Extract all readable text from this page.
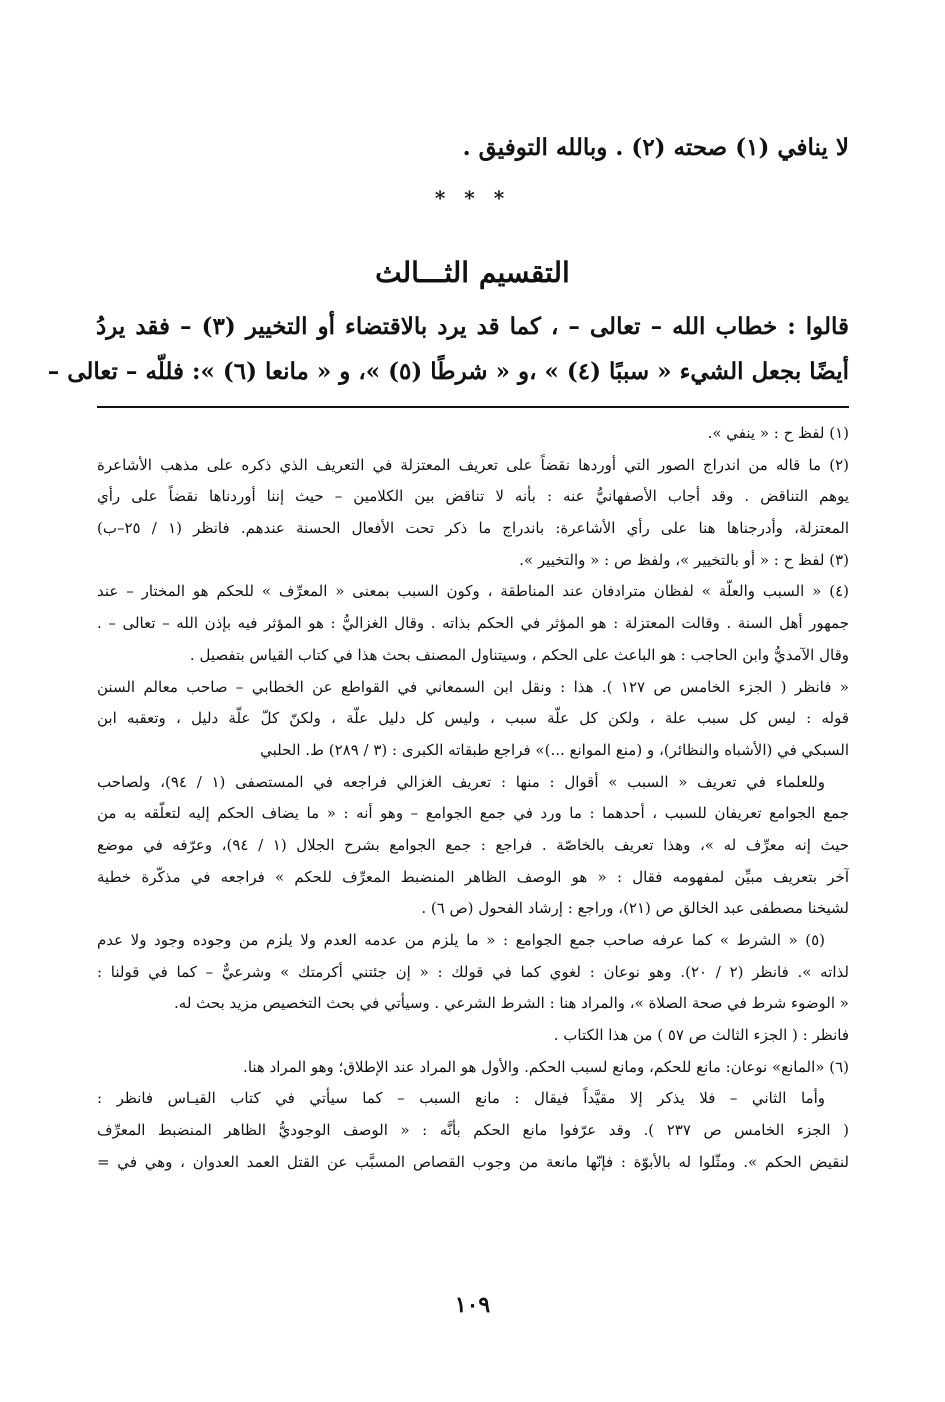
لا ينافي (١) صحته (٢) . وبالله التوفيق .
* * *
التقسيم الثـــالث
قالوا : خطاب الله – تعالى – ، كما قد يرد بالاقتضاء أو التخيير (٣) – فقد يردُ
أيضًا بجعل الشيء « سببًا (٤) » ،و « شرطًا (٥) »، و « مانعا (٦) »: فللّه – تعالى –
(١) لفظ ح : « ينفي ».
(٢) ما قاله من اندراج الصور التي أوردها نقضاً على تعريف المعتزلة في التعريف الذي ذكره على مذهب الأشاعرة
يوهم التناقض . وقد أجاب الأصفهانيُّ عنه : بأنه لا تناقض بين الكلامين – حيث إننا أوردناها نقضاً على رأي
المعتزلة، وأدرجناها هنا على رأي الأشاعرة: باندراج ما ذكر تحت الأفعال الحسنة عندهم. فانظر (١ / ٢٥–ب)
(٣) لفظ ح : « أو بالتخيير »، ولفظ ص : « والتخيير ».
(٤) « السبب والعلّة » لفظان مترادفان عند المناطقة ، وكون السبب بمعنى « المعرِّف » للحكم هو المختار – عند
جمهور أهل السنة . وقالت المعتزلة : هو المؤثر في الحكم بذاته . وقال الغزاليُّ : هو المؤثر فيه بإذن الله – تعالى – .
وقال الآمديُّ وابن الحاجب : هو الباعث على الحكم ، وسيتناول المصنف بحث هذا في كتاب القياس بتفصيل .
« فانظر ( الجزء الخامس ص ١٢٧ ). هذا : ونقل ابن السمعاني في القواطع عن الخطابي – صاحب معالم السنن
قوله : ليس كل سبب علة ، ولكن كل علّة سبب ، وليس كل دليل علّة ، ولكنّ كلّ علّة دليل ، وتعقبه ابن
السبكي في (الأشباه والنظائر)، و (منع الموانع ...)» فراجع طبقاته الكبرى : (٣ / ٢٨٩) ط. الحلبي
وللعلماء في تعريف « السبب » أقوال : منها : تعريف الغزالي فراجعه في المستصفى (١ / ٩٤)، ولصاحب
جمع الجوامع تعريفان للسبب ، أحدهما : ما ورد في جمع الجوامع – وهو أنه : « ما يضاف الحكم إليه لتعلّقه به من
حيث إنه معرِّف له »، وهذا تعريف بالخاصّة . فراجع : جمع الجوامع بشرح الجلال (١ / ٩٤)، وعرّفه في موضع
آخر بتعريف مبيِّن لمفهومه فقال : « هو الوصف الظاهر المنضبط المعرِّف للحكم » فراجعه في مذكّرة خطية
لشيخنا مصطفى عبد الخالق ص (٢١)، وراجع : إرشاد الفحول (ص ٦) .
(٥) « الشرط » كما عرفه صاحب جمع الجوامع : « ما يلزم من عدمه العدم ولا يلزم من وجوده وجود ولا عدم
لذاته ». فانظر (٢ / ٢٠). وهو نوعان : لغوي كما في قولك : « إن جئتني أكرمتك » وشرعيٌّ – كما في قولنا :
« الوضوء شرط في صحة الصلاة »، والمراد هنا : الشرط الشرعي . وسيأتي في بحث التخصيص مزيد بحث له.
فانظر : ( الجزء الثالث ص ٥٧ ) من هذا الكتاب .
(٦) «المانع» نوعان: مانع للحكم، ومانع لسبب الحكم. والأول هو المراد عند الإطلاق؛ وهو المراد هنا.
وأما الثاني – فلا يذكر إلا مقيَّداً فيقال : مانع السبب – كما سيأتي في كتاب القيـاس فانظر :
( الجزء الخامس ص ٢٣٧ ). وقد عرّفوا مانع الحكم بأنَّه : « الوصف الوجوديُّ الظاهر المنضبط المعرِّف
لنقيض الحكم ». ومثّلوا له بالأبوّة : فإنّها مانعة من وجوب القصاص المسبَّب عن القتل العمد العدوان ، وهي في =
١٠٩
